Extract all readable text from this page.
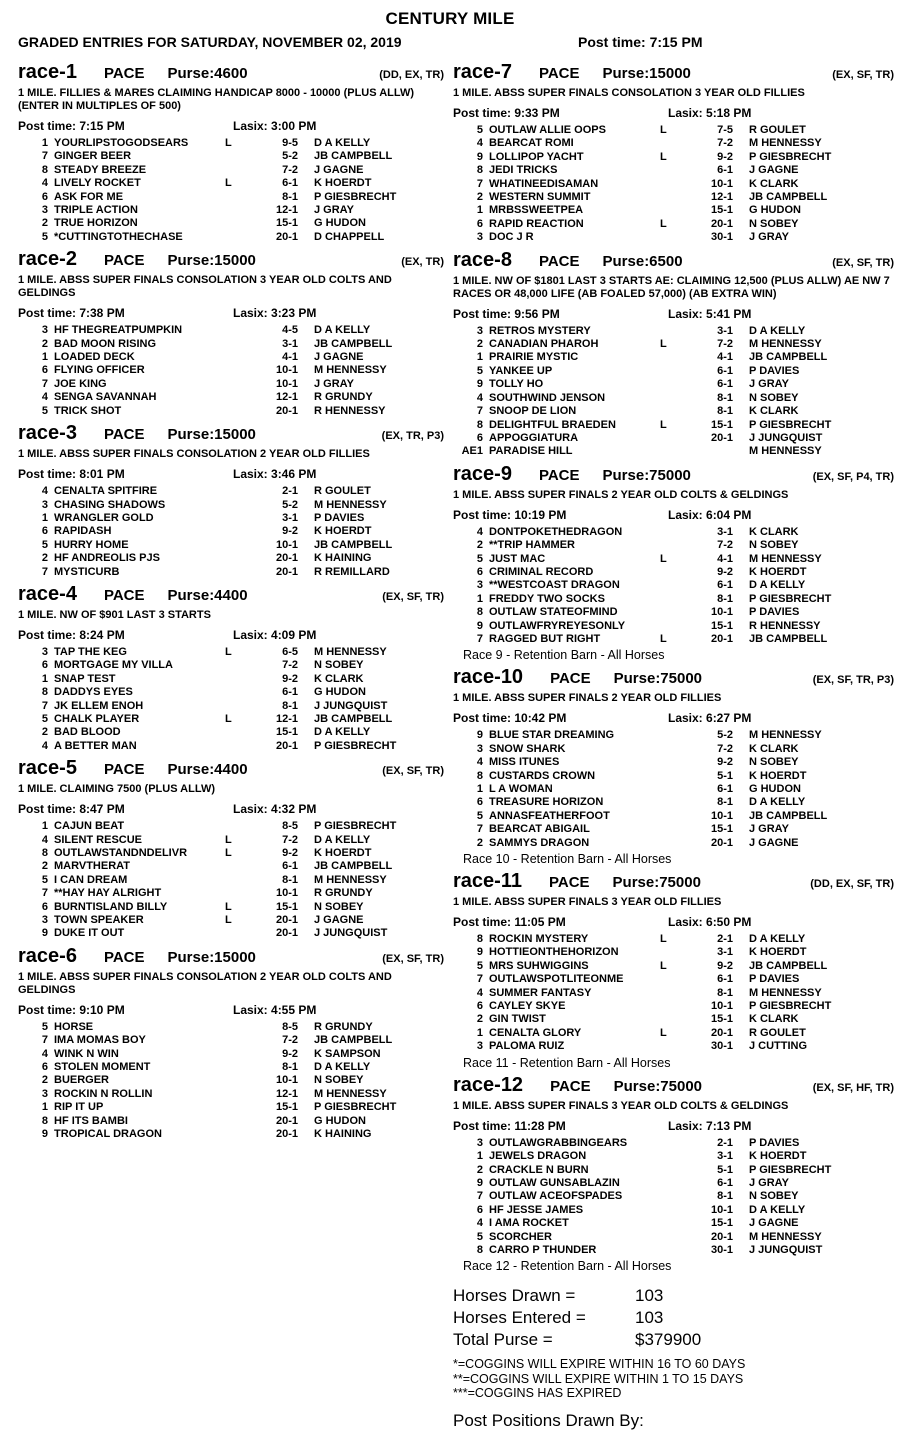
CENTURY MILE
GRADED ENTRIES FOR SATURDAY, NOVEMBER 02, 2019	Post time: 7:15 PM
race-1 PACE Purse:4600	(DD, EX, TR)
1 MILE. FILLIES & MARES CLAIMING HANDICAP 8000 - 10000 (PLUS ALLW) (ENTER IN MULTIPLES OF 500)
Post time: 7:15 PM	Lasix: 3:00 PM
1 YOURLIPSTOGODSEARS	L	9-5	D A KELLY
7 GINGER BEER	5-2	JB CAMPBELL
8 STEADY BREEZE	7-2	J GAGNE
4 LIVELY ROCKET	L	6-1	K HOERDT
6 ASK FOR ME	8-1	P GIESBRECHT
3 TRIPLE ACTION	12-1	J GRAY
2 TRUE HORIZON	15-1	G HUDON
5 *CUTTINGTOTHECHASE	20-1	D CHAPPELL
race-2 PACE Purse:15000	(EX, TR)
1 MILE. ABSS SUPER FINALS CONSOLATION 3 YEAR OLD COLTS AND GELDINGS
Post time: 7:38 PM	Lasix: 3:23 PM
3 HF THEGREATPUMPKIN	4-5	D A KELLY
2 BAD MOON RISING	3-1	JB CAMPBELL
1 LOADED DECK	4-1	J GAGNE
6 FLYING OFFICER	10-1	M HENNESSY
7 JOE KING	10-1	J GRAY
4 SENGA SAVANNAH	12-1	R GRUNDY
5 TRICK SHOT	20-1	R HENNESSY
race-3 PACE Purse:15000	(EX, TR, P3)
1 MILE. ABSS SUPER FINALS CONSOLATION 2 YEAR OLD FILLIES
Post time: 8:01 PM	Lasix: 3:46 PM
4 CENALTA SPITFIRE	2-1	R GOULET
3 CHASING SHADOWS	5-2	M HENNESSY
1 WRANGLER GOLD	3-1	P DAVIES
6 RAPIDASH	9-2	K HOERDT
5 HURRY HOME	10-1	JB CAMPBELL
2 HF ANDREOLIS PJS	20-1	K HAINING
7 MYSTICURB	20-1	R REMILLARD
race-4 PACE Purse:4400	(EX, SF, TR)
1 MILE. NW OF $901 LAST 3 STARTS
Post time: 8:24 PM	Lasix: 4:09 PM
3 TAP THE KEG	L	6-5	M HENNESSY
6 MORTGAGE MY VILLA	7-2	N SOBEY
1 SNAP TEST	9-2	K CLARK
8 DADDYS EYES	6-1	G HUDON
7 JK ELLEM ENOH	8-1	J JUNGQUIST
5 CHALK PLAYER	L	12-1	JB CAMPBELL
2 BAD BLOOD	15-1	D A KELLY
4 A BETTER MAN	20-1	P GIESBRECHT
race-5 PACE Purse:4400	(EX, SF, TR)
1 MILE. CLAIMING 7500 (PLUS ALLW)
Post time: 8:47 PM	Lasix: 4:32 PM
1 CAJUN BEAT	8-5	P GIESBRECHT
4 SILENT RESCUE	L	7-2	D A KELLY
8 OUTLAWSTANDNDELIVR	L	9-2	K HOERDT
2 MARVTHERAT	6-1	JB CAMPBELL
5 I CAN DREAM	8-1	M HENNESSY
7 **HAY HAY ALRIGHT	10-1	R GRUNDY
6 BURNTISLAND BILLY	L	15-1	N SOBEY
3 TOWN SPEAKER	L	20-1	J GAGNE
9 DUKE IT OUT	20-1	J JUNGQUIST
race-6 PACE Purse:15000	(EX, SF, TR)
1 MILE. ABSS SUPER FINALS CONSOLATION 2 YEAR OLD COLTS AND GELDINGS
Post time: 9:10 PM	Lasix: 4:55 PM
5 HORSE	8-5	R GRUNDY
7 IMA MOMAS BOY	7-2	JB CAMPBELL
4 WINK N WIN	9-2	K SAMPSON
6 STOLEN MOMENT	8-1	D A KELLY
2 BUERGER	10-1	N SOBEY
3 ROCKIN N ROLLIN	12-1	M HENNESSY
1 RIP IT UP	15-1	P GIESBRECHT
8 HF ITS BAMBI	20-1	G HUDON
9 TROPICAL DRAGON	20-1	K HAINING
race-7 PACE Purse:15000	(EX, SF, TR)
1 MILE. ABSS SUPER FINALS CONSOLATION 3 YEAR OLD FILLIES
Post time: 9:33 PM	Lasix: 5:18 PM
5 OUTLAW ALLIE OOPS	L	7-5	R GOULET
4 BEARCAT ROMI	7-2	M HENNESSY
9 LOLLIPOP YACHT	L	9-2	P GIESBRECHT
8 JEDI TRICKS	6-1	J GAGNE
7 WHATINEEDISAMAN	10-1	K CLARK
2 WESTERN SUMMIT	12-1	JB CAMPBELL
1 MRBSSWEETPEA	15-1	G HUDON
6 RAPID REACTION	L	20-1	N SOBEY
3 DOC J R	30-1	J GRAY
race-8 PACE Purse:6500	(EX, SF, TR)
1 MILE. NW OF $1801 LAST 3 STARTS AE: CLAIMING 12,500 (PLUS ALLW) AE NW 7 RACES OR 48,000 LIFE (AB FOALED 57,000) (AB EXTRA WIN)
Post time: 9:56 PM	Lasix: 5:41 PM
3 RETROS MYSTERY	3-1	D A KELLY
2 CANADIAN PHAROH	L	7-2	M HENNESSY
1 PRAIRIE MYSTIC	4-1	JB CAMPBELL
5 YANKEE UP	6-1	P DAVIES
9 TOLLY HO	6-1	J GRAY
4 SOUTHWIND JENSON	8-1	N SOBEY
7 SNOOP DE LION	8-1	K CLARK
8 DELIGHTFUL BRAEDEN	L	15-1	P GIESBRECHT
6 APPOGGIATURA	20-1	J JUNGQUIST
AE1 PARADISE HILL	M HENNESSY
race-9 PACE Purse:75000	(EX, SF, P4, TR)
1 MILE. ABSS SUPER FINALS 2 YEAR OLD COLTS & GELDINGS
Post time: 10:19 PM	Lasix: 6:04 PM
4 DONTPOKETHEDRAGON	3-1	K CLARK
2 **TRIP HAMMER	7-2	N SOBEY
5 JUST MAC	L	4-1	M HENNESSY
6 CRIMINAL RECORD	9-2	K HOERDT
3 **WESTCOAST DRAGON	6-1	D A KELLY
1 FREDDY TWO SOCKS	8-1	P GIESBRECHT
8 OUTLAW STATEOFMIND	10-1	P DAVIES
9 OUTLAWFRYREYESONLY	15-1	R HENNESSY
7 RAGGED BUT RIGHT	L	20-1	JB CAMPBELL
Race 9 - Retention Barn - All Horses
race-10 PACE Purse:75000	(EX, SF, TR, P3)
1 MILE. ABSS SUPER FINALS 2 YEAR OLD FILLIES
Post time: 10:42 PM	Lasix: 6:27 PM
9 BLUE STAR DREAMING	5-2	M HENNESSY
3 SNOW SHARK	7-2	K CLARK
4 MISS ITUNES	9-2	N SOBEY
8 CUSTARDS CROWN	5-1	K HOERDT
1 L A WOMAN	6-1	G HUDON
6 TREASURE HORIZON	8-1	D A KELLY
5 ANNASFEATHERFOOT	10-1	JB CAMPBELL
7 BEARCAT ABIGAIL	15-1	J GRAY
2 SAMMYS DRAGON	20-1	J GAGNE
Race 10 - Retention Barn - All Horses
race-11 PACE Purse:75000	(DD, EX, SF, TR)
1 MILE. ABSS SUPER FINALS 3 YEAR OLD FILLIES
Post time: 11:05 PM	Lasix: 6:50 PM
8 ROCKIN MYSTERY	L	2-1	D A KELLY
9 HOTTIEONTHEHORIZON	3-1	K HOERDT
5 MRS SUHWIGGINS	L	9-2	JB CAMPBELL
7 OUTLAWSPOTLITEONME	6-1	P DAVIES
4 SUMMER FANTASY	8-1	M HENNESSY
6 CAYLEY SKYE	10-1	P GIESBRECHT
2 GIN TWIST	15-1	K CLARK
1 CENALTA GLORY	L	20-1	R GOULET
3 PALOMA RUIZ	30-1	J CUTTING
Race 11 - Retention Barn - All Horses
race-12 PACE Purse:75000	(EX, SF, HF, TR)
1 MILE. ABSS SUPER FINALS 3 YEAR OLD COLTS & GELDINGS
Post time: 11:28 PM	Lasix: 7:13 PM
3 OUTLAWGRABBINGEARS	2-1	P DAVIES
1 JEWELS DRAGON	3-1	K HOERDT
2 CRACKLE N BURN	5-1	P GIESBRECHT
9 OUTLAW GUNSABLAZIN	6-1	J GRAY
7 OUTLAW ACEOFSPADES	8-1	N SOBEY
6 HF JESSE JAMES	10-1	D A KELLY
4 I AMA ROCKET	15-1	J GAGNE
5 SCORCHER	20-1	M HENNESSY
8 CARRO P THUNDER	30-1	J JUNGQUIST
Race 12 - Retention Barn - All Horses
Horses Drawn =	103
Horses Entered =	103
Total Purse =	$379900
*=COGGINS WILL EXPIRE WITHIN 16 TO 60 DAYS
**=COGGINS WILL EXPIRE WITHIN 1 TO 15 DAYS
***=COGGINS HAS EXPIRED
Post Positions Drawn By:
